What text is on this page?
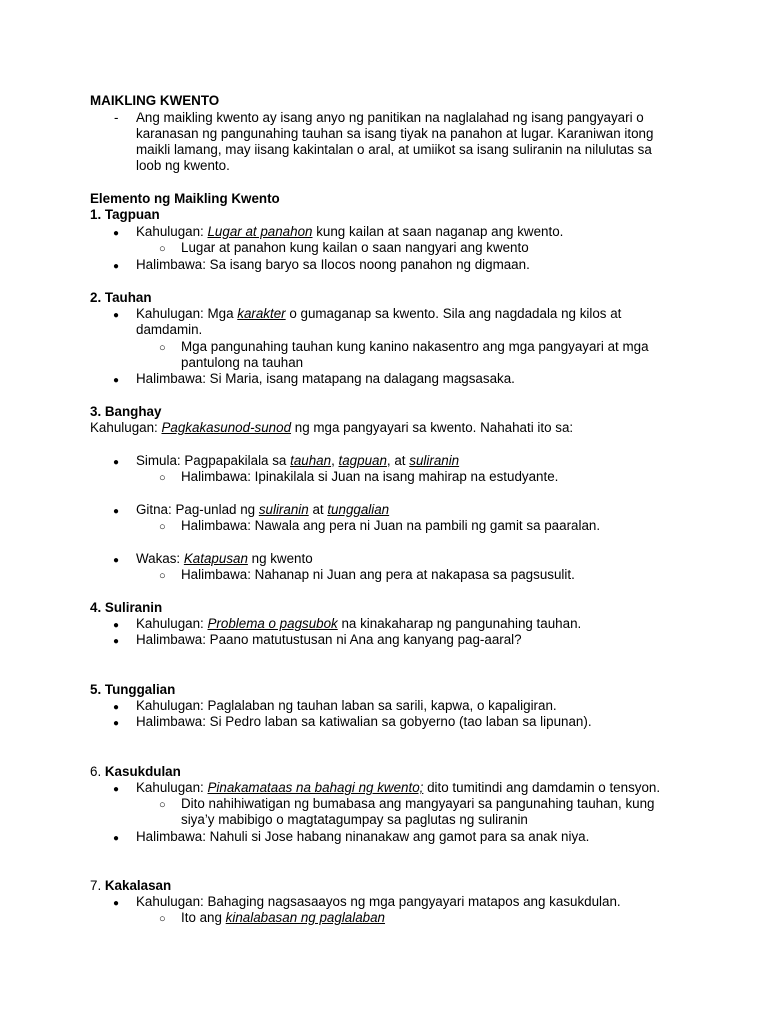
MAIKLING KWENTO
- Ang maikling kwento ay isang anyo ng panitikan na naglalahad ng isang pangyayari o
karanasan ng pangunahing tauhan sa isang tiyak na panahon at lugar. Karaniwan itong
maikli lamang, may iisang kakintalan o aral, at umiikot sa isang suliranin na nilulutas sa
loob ng kwento.
Elemento ng Maikling Kwento
1. Tagpuan
● Kahulugan: Lugar at panahon kung kailan at saan naganap ang kwento.
○ Lugar at panahon kung kailan o saan nangyari ang kwento
● Halimbawa: Sa isang baryo sa Ilocos noong panahon ng digmaan.
2. Tauhan
● Kahulugan: Mga karakter o gumaganap sa kwento. Sila ang nagdadala ng kilos at
damdamin.
○ Mga pangunahing tauhan kung kanino nakasentro ang mga pangyayari at mga
pantulong na tauhan
● Halimbawa: Si Maria, isang matapang na dalagang magsasaka.
3. Banghay
Kahulugan: Pagkakasunod-sunod ng mga pangyayari sa kwento. Nahahati ito sa:
● Simula: Pagpapakilala sa tauhan, tagpuan, at suliranin
○ Halimbawa: Ipinakilala si Juan na isang mahirap na estudyante.
● Gitna: Pag-unlad ng suliranin at tunggalian
○ Halimbawa: Nawala ang pera ni Juan na pambili ng gamit sa paaralan.
● Wakas: Katapusan ng kwento
○ Halimbawa: Nahanap ni Juan ang pera at nakapasa sa pagsusulit.
4. Suliranin
● Kahulugan: Problema o pagsubok na kinakaharap ng pangunahing tauhan.
● Halimbawa: Paano matutustusan ni Ana ang kanyang pag-aaral?
5. Tunggalian
● Kahulugan: Paglalaban ng tauhan laban sa sarili, kapwa, o kapaligiran.
● Halimbawa: Si Pedro laban sa katiwalian sa gobyerno (tao laban sa lipunan).
6. Kasukdulan
● Kahulugan: Pinakamataas na bahagi ng kwento; dito tumitindi ang damdamin o tensyon.
○ Dito nahihiwatigan ng bumabasa ang mangyayari sa pangunahing tauhan, kung
siya’y mabibigo o magtatagumpay sa paglutas ng suliranin
● Halimbawa: Nahuli si Jose habang ninanakaw ang gamot para sa anak niya.
7. Kakalasan
● Kahulugan: Bahaging nagsasaayos ng mga pangyayari matapos ang kasukdulan.
○ Ito ang kinalabasan ng paglalaban
